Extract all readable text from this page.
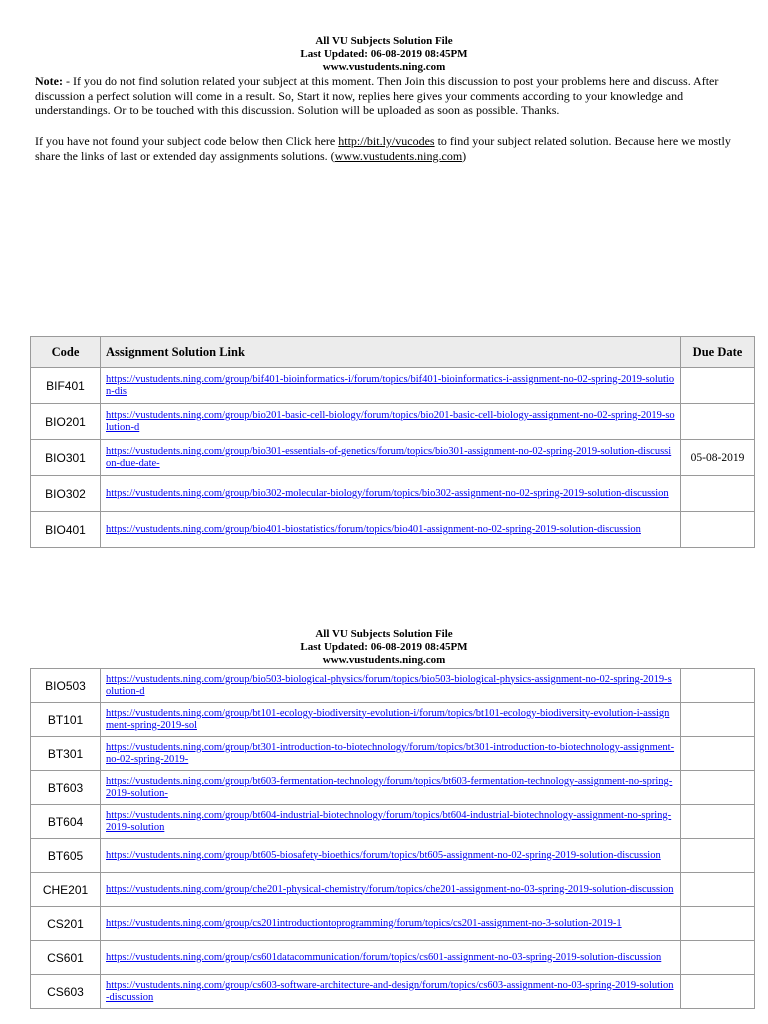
All VU Subjects Solution File
Last Updated: 06-08-2019 08:45PM
www.vustudents.ning.com
Note: - If you do not find solution related your subject at this moment. Then Join this discussion to post your problems here and discuss. After discussion a perfect solution will come in a result. So, Start it now, replies here gives your comments according to your knowledge and understandings. Or to be touched with this discussion. Solution will be uploaded as soon as possible. Thanks.
If you have not found your subject code below then Click here http://bit.ly/vucodes to find your subject related solution. Because here we mostly share the links of last or extended day assignments solutions. (www.vustudents.ning.com)
Code	Assignment Solution Link	Due Date
BIF401	https://vustudents.ning.com/group/bif401-bioinformatics-i/forum/topics/bif401-bioinformatics-i-assignment-no-02-spring-2019-solution-dis	
BIO201	https://vustudents.ning.com/group/bio201-basic-cell-biology/forum/topics/bio201-basic-cell-biology-assignment-no-02-spring-2019-solution-d	
BIO301	https://vustudents.ning.com/group/bio301-essentials-of-genetics/forum/topics/bio301-assignment-no-02-spring-2019-solution-discussion-due-date-	05-08-2019
BIO302	https://vustudents.ning.com/group/bio302-molecular-biology/forum/topics/bio302-assignment-no-02-spring-2019-solution-discussion	
BIO401	https://vustudents.ning.com/group/bio401-biostatistics/forum/topics/bio401-assignment-no-02-spring-2019-solution-discussion	
All VU Subjects Solution File
Last Updated: 06-08-2019 08:45PM
www.vustudents.ning.com
BIO503	https://vustudents.ning.com/group/bio503-biological-physics/forum/topics/bio503-biological-physics-assignment-no-02-spring-2019-solution-d	
BT101	https://vustudents.ning.com/group/bt101-ecology-biodiversity-evolution-i/forum/topics/bt101-ecology-biodiversity-evolution-i-assignment-spring-2019-sol	
BT301	https://vustudents.ning.com/group/bt301-introduction-to-biotechnology/forum/topics/bt301-introduction-to-biotechnology-assignment-no-02-spring-2019-	
BT603	https://vustudents.ning.com/group/bt603-fermentation-technology/forum/topics/bt603-fermentation-technology-assignment-no-spring-2019-solution-	
BT604	https://vustudents.ning.com/group/bt604-industrial-biotechnology/forum/topics/bt604-industrial-biotechnology-assignment-no-spring-2019-solution	
BT605	https://vustudents.ning.com/group/bt605-biosafety-bioethics/forum/topics/bt605-assignment-no-02-spring-2019-solution-discussion	
CHE201	https://vustudents.ning.com/group/che201-physical-chemistry/forum/topics/che201-assignment-no-03-spring-2019-solution-discussion	
CS201	https://vustudents.ning.com/group/cs201introductiontoprogramming/forum/topics/cs201-assignment-no-3-solution-2019-1	
CS601	https://vustudents.ning.com/group/cs601datacommunication/forum/topics/cs601-assignment-no-03-spring-2019-solution-discussion	
CS603	https://vustudents.ning.com/group/cs603-software-architecture-and-design/forum/topics/cs603-assignment-no-03-spring-2019-solution-discussion	
